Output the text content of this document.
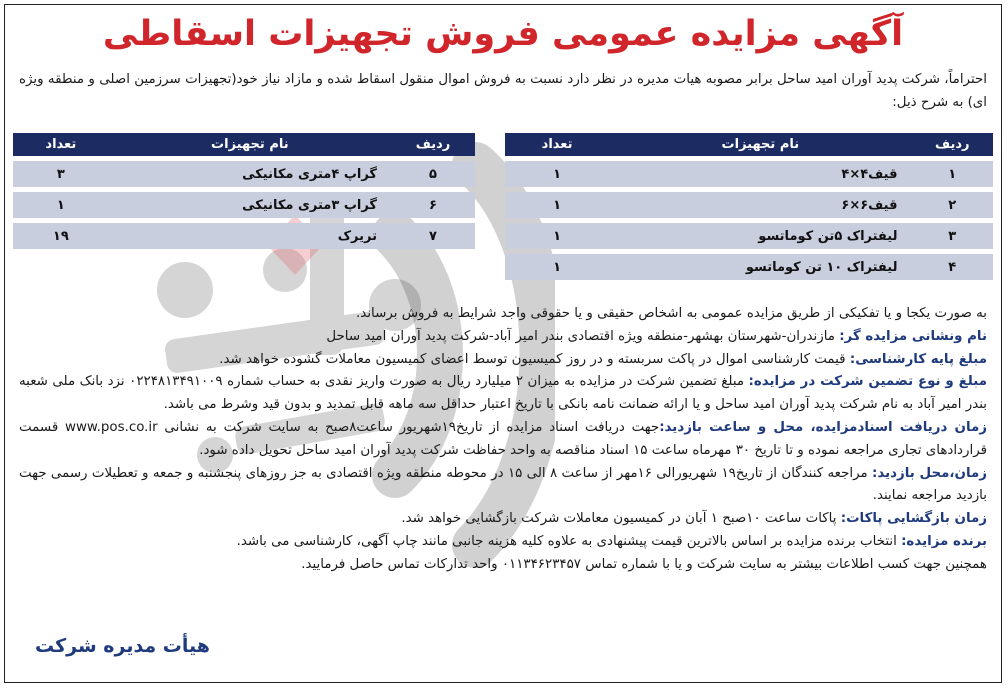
آگهی مزایده عمومی فروش تجهیزات اسقاطی
احتراماً، شرکت پدید آوران امید ساحل برابر مصوبه هیات مدیره در نظر دارد نسبت به فروش اموال منقول اسقاط شده و مازاد نیاز خود(تجهیزات سرزمین اصلی و منطقه ویژه ای) به شرح ذیل:
ردیف	نام تجهیزات	تعداد
۱	قیف۴×۴	۱
۲	قیف۶×۶	۱
۳	لیفتراک ۵تن کوماتسو	۱
۴	لیفتراک ۱۰ تن کوماتسو	۱
ردیف	نام تجهیزات	تعداد
۵	گراپ ۴متری مکانیکی	۳
۶	گراپ ۳متری مکانیکی	۱
۷	تریرک	۱۹

به صورت یکجا و یا تفکیکی از طریق مزایده عمومی به اشخاص حقیقی و یا حقوقی واجد شرایط به فروش برساند.

نام ونشانی مزایده گر: مازندران-شهرستان بهشهر-منطقه ویژه اقتصادی بندر امیر آباد-شرکت پدید آوران امید ساحل

مبلغ پایه کارشناسی: قیمت کارشناسی اموال در پاکت سربسته و در روز کمیسیون توسط اعضای کمیسیون معاملات گشوده خواهد شد.

مبلغ و نوع تضمین شرکت در مزایده: مبلغ تضمین شرکت در مزایده به میزان ۲ میلیارد ریال به صورت واریز نقدی به حساب شماره ۰۲۲۴۸۱۳۴۹۱۰۰۹ نزد بانک ملی شعبه بندر امیر آباد به نام شرکت پدید آوران امید ساحل و یا ارائه ضمانت نامه بانکی با تاریخ اعتبار حداقل سه ماهه قابل تمدید و بدون قید وشرط می باشد.

زمان دریافت اسنادمزایده، محل و ساعت بازدید:جهت دریافت اسناد مزایده از تاریخ۱۹شهریور ساعت۸صبح به سایت شرکت به نشانی www.pos.co.ir قسمت قراردادهای تجاری مراجعه نموده و تا تاریخ ۳۰ مهرماه ساعت ۱۵ اسناد مناقصه به واحد حفاظت شرکت پدید آوران امید ساحل تحویل داده شود.

زمان،محل بازدید: مراجعه کنندگان از تاریخ۱۹ شهریورالی ۱۶مهر از ساعت ۸ الی ۱۵ در محوطه منطقه ویژه اقتصادی به جز روزهای پنجشنبه و جمعه و تعطیلات رسمی جهت بازدید مراجعه نمایند.

زمان بازگشایی پاکات: پاکات ساعت ۱۰صبح ۱ آبان در کمیسیون معاملات شرکت بازگشایی خواهد شد.

برنده مزایده: انتخاب برنده مزایده بر اساس بالاترین قیمت پیشنهادی به علاوه کلیه هزینه جانبی مانند چاپ آگهی، کارشناسی می باشد.

همچنین جهت کسب اطلاعات بیشتر به سایت شرکت و یا با شماره تماس ۰۱۱۳۴۶۲۳۴۵۷ واحد تدارکات تماس حاصل فرمایید.

هیأت مدیره شرکت
